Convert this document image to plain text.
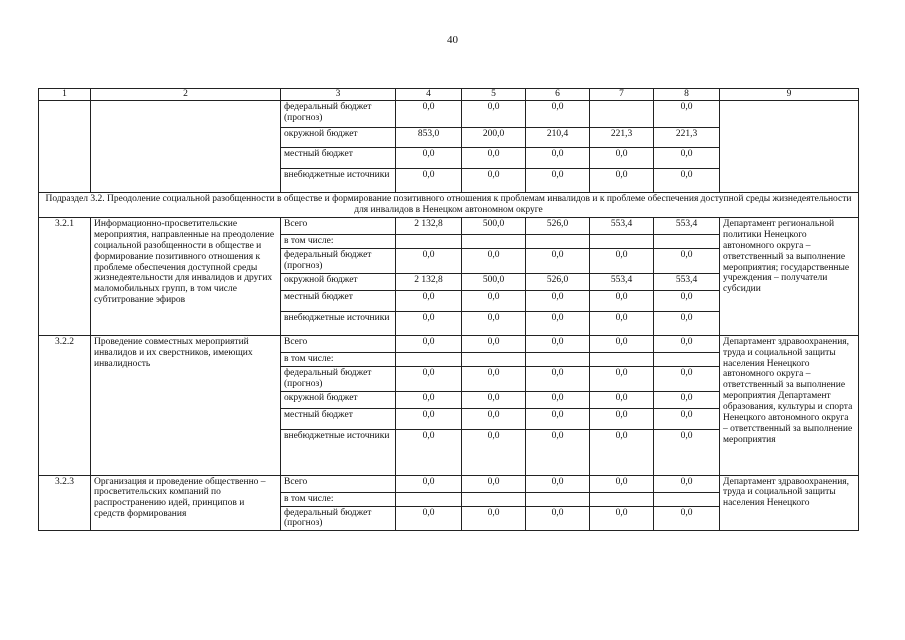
40
1	2	3	4	5	6	7	8	9
		федеральный бюджет (прогноз)	0,0	0,0	0,0		0,0	
		окружной бюджет	853,0	200,0	210,4	221,3	221,3	
		местный бюджет	0,0	0,0	0,0	0,0	0,0	
		внебюджетные источники	0,0	0,0	0,0	0,0	0,0	
Подраздел 3.2. Преодоление социальной разобщенности в обществе и формирование позитивного отношения к проблемам инвалидов и к проблеме обеспечения доступной среды жизнедеятельности для инвалидов в Ненецком автономном округе								
3.2.1	Информационно-просветительские мероприятия, направленные на преодоление социальной разобщенности в обществе и формирование позитивного отношения к проблеме обеспечения доступной среды жизнедеятельности для инвалидов и других маломобильных групп, в том числе субтитрование эфиров	Всего	2 132,8	500,0	526,0	553,4	553,4	Департамент региональной политики Ненецкого автономного округа – ответственный за выполнение мероприятия; государственные учреждения – получатели субсидии
		в том числе:						
		федеральный бюджет (прогноз)	0,0	0,0	0,0	0,0	0,0	
		окружной бюджет	2 132,8	500,0	526,0	553,4	553,4	
		местный бюджет	0,0	0,0	0,0	0,0	0,0	
		внебюджетные источники	0,0	0,0	0,0	0,0	0,0	
3.2.2	Проведение совместных мероприятий инвалидов и их сверстников, имеющих инвалидность	Всего	0,0	0,0	0,0	0,0	0,0	Департамент здравоохранения, труда и социальной защиты населения Ненецкого автономного округа – ответственный за выполнение мероприятия Департамент образования, культуры и спорта Ненецкого автономного округа – ответственный за выполнение мероприятия
		в том числе:						
		федеральный бюджет (прогноз)	0,0	0,0	0,0	0,0	0,0	
		окружной бюджет	0,0	0,0	0,0	0,0	0,0	
		местный бюджет	0,0	0,0	0,0	0,0	0,0	
		внебюджетные источники	0,0	0,0	0,0	0,0	0,0	
3.2.3	Организация и проведение общественно – просветительских компаний по распространению идей, принципов и средств формирования	Всего	0,0	0,0	0,0	0,0	0,0	Департамент здравоохранения, труда и социальной защиты населения Ненецкого
		в том числе:						
		федеральный бюджет (прогноз)	0,0	0,0	0,0	0,0	0,0	
